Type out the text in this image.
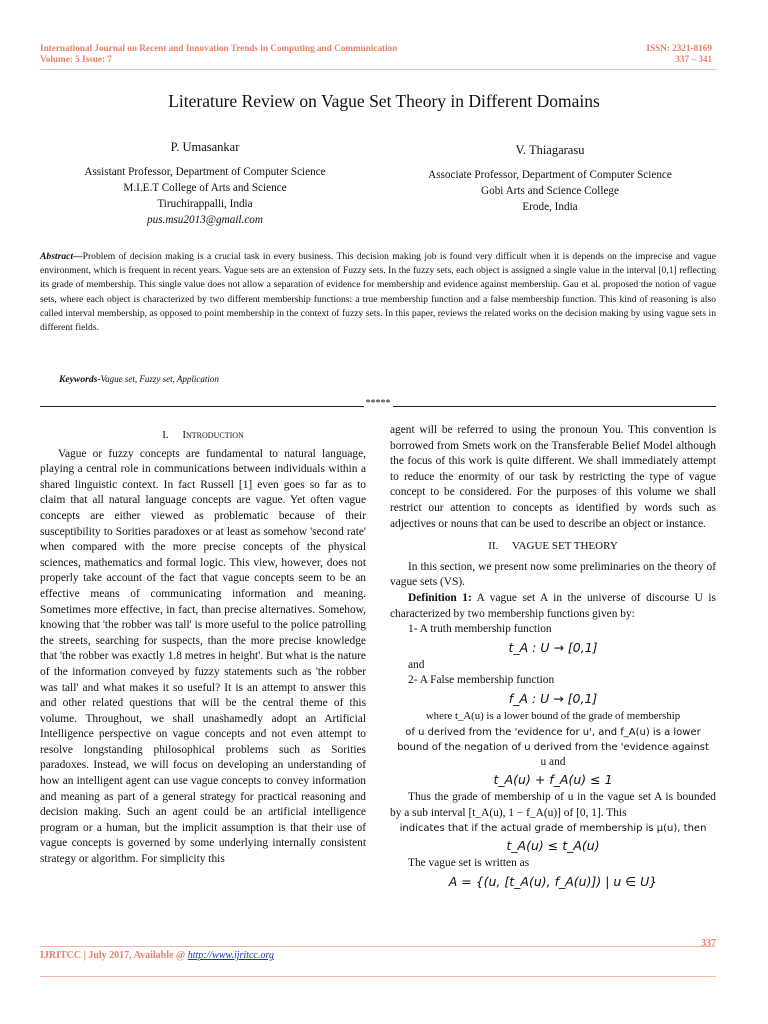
International Journal on Recent and Innovation Trends in Computing and Communication
Volume: 5 Issue: 7
ISSN: 2321-8169
337 – 341
Literature Review on Vague Set Theory in Different Domains
P. Umasankar
Assistant Professor, Department of Computer Science
M.I.E.T College of Arts and Science
Tiruchirappalli, India
pus.msu2013@gmail.com
V. Thiagarasu
Associate Professor, Department of Computer Science
Gobi Arts and Science College
Erode, India
Abstract—Problem of decision making is a crucial task in every business. This decision making job is found very difficult when it is depends on the imprecise and vague environment, which is frequent in recent years. Vague sets are an extension of Fuzzy sets. In the fuzzy sets, each object is assigned a single value in the interval [0,1] reflecting its grade of membership. This single value does not allow a separation of evidence for membership and evidence against membership. Gau et al. proposed the notion of vague sets, where each object is characterized by two different membership functions: a true membership function and a false membership function. This kind of reasoning is also called interval membership, as opposed to point membership in the context of fuzzy sets. In this paper, reviews the related works on the decision making by using vague sets in different fields.
Keywords-Vague set, Fuzzy set, Application
*****
I. Introduction

Vague or fuzzy concepts are fundamental to natural language, playing a central role in communications between individuals within a shared linguistic context. In fact Russell [1] even goes so far as to claim that all natural language concepts are vague. Yet often vague concepts are either viewed as problematic because of their susceptibility to Sorities paradoxes or at least as somehow 'second rate' when compared with the more precise concepts of the physical sciences, mathematics and formal logic. This view, however, does not properly take account of the fact that vague concepts seem to be an effective means of communicating information and meaning. Sometimes more effective, in fact, than precise alternatives. Somehow, knowing that 'the robber was tall' is more useful to the police patrolling the streets, searching for suspects, than the more precise knowledge that 'the robber was exactly 1.8 metres in height'. But what is the nature of the information conveyed by fuzzy statements such as 'the robber was tall' and what makes it so useful? It is an attempt to answer this and other related questions that will be the central theme of this volume. Throughout, we shall unashamedly adopt an Artificial Intelligence perspective on vague concepts and not even attempt to resolve longstanding philosophical problems such as Sorities paradoxes. Instead, we will focus on developing an understanding of how an intelligent agent can use vague concepts to convey information and meaning as part of a general strategy for practical reasoning and decision making. Such an agent could be an artificial intelligence program or a human, but the implicit assumption is that their use of vague concepts is governed by some underlying internally consistent strategy or algorithm. For simplicity this

agent will be referred to using the pronoun You. This convention is borrowed from Smets work on the Transferable Belief Model although the focus of this work is quite different. We shall immediately attempt to reduce the enormity of our task by restricting the type of vague concept to be considered. For the purposes of this volume we shall restrict our attention to concepts as identified by words such as adjectives or nouns that can be used to describe an object or instance.

II. VAGUE SET THEORY

In this section, we present now some preliminaries on the theory of vague sets (VS).

Definition 1: A vague set A in the universe of discourse U is characterized by two membership functions given by:

1- A truth membership function
t_A : U → [0,1]
and
2- A False membership function
f_A : U → [0,1]
where t_A(u) is a lower bound of the grade of membership
of u derived from the 'evidence for u', and f_A(u) is a lower
bound of the negation of u derived from the 'evidence against
u and
t_A(u) + f_A(u) ≤ 1

Thus the grade of membership of u in the vague set A is bounded by a sub interval [t_A(u), 1 − f_A(u)] of [0, 1]. This

indicates that if the actual grade of membership is μ(u), then
t_A(u) ≤ t_A(u)
The vague set is written as
A = {(u, [t_A(u), f_A(u)]) | u ∈ U}
337
IJRITCC | July 2017, Available @ http://www.ijritcc.org
